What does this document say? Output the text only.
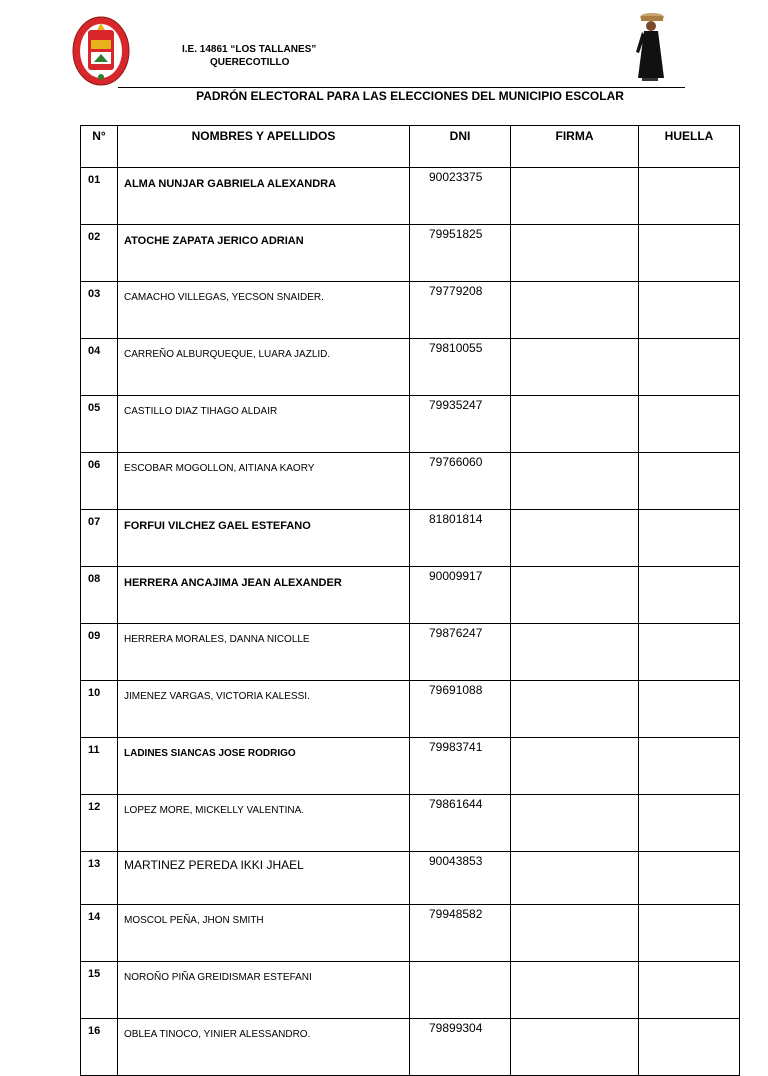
I.E. 14861 “LOS TALLANES”
QUERECOTILLO
PADRÓN ELECTORAL PARA LAS ELECCIONES DEL MUNICIPIO ESCOLAR
N°	NOMBRES Y APELLIDOS	DNI	FIRMA	HUELLA
01	ALMA NUNJAR GABRIELA ALEXANDRA	90023375		
02	ATOCHE ZAPATA JERICO ADRIAN	79951825		
03	CAMACHO VILLEGAS, YECSON SNAIDER.	79779208		
04	CARREÑO ALBURQUEQUE, LUARA JAZLID.	79810055		
05	CASTILLO DIAZ TIHAGO ALDAIR	79935247		
06	ESCOBAR MOGOLLON, AITIANA KAORY	79766060		
07	FORFUI VILCHEZ GAEL ESTEFANO	81801814		
08	HERRERA ANCAJIMA JEAN ALEXANDER	90009917		
09	HERRERA MORALES, DANNA NICOLLE	79876247		
10	JIMENEZ VARGAS, VICTORIA KALESSI.	79691088		
11	LADINES SIANCAS JOSE RODRIGO	79983741		
12	LOPEZ MORE, MICKELLY VALENTINA.	79861644		
13	MARTINEZ PEREDA IKKI JHAEL	90043853		
14	MOSCOL PEÑA, JHON SMITH	79948582		
15	NOROÑO PIÑA GREIDISMAR ESTEFANI			
16	OBLEA TINOCO, YINIER ALESSANDRO.	79899304		
